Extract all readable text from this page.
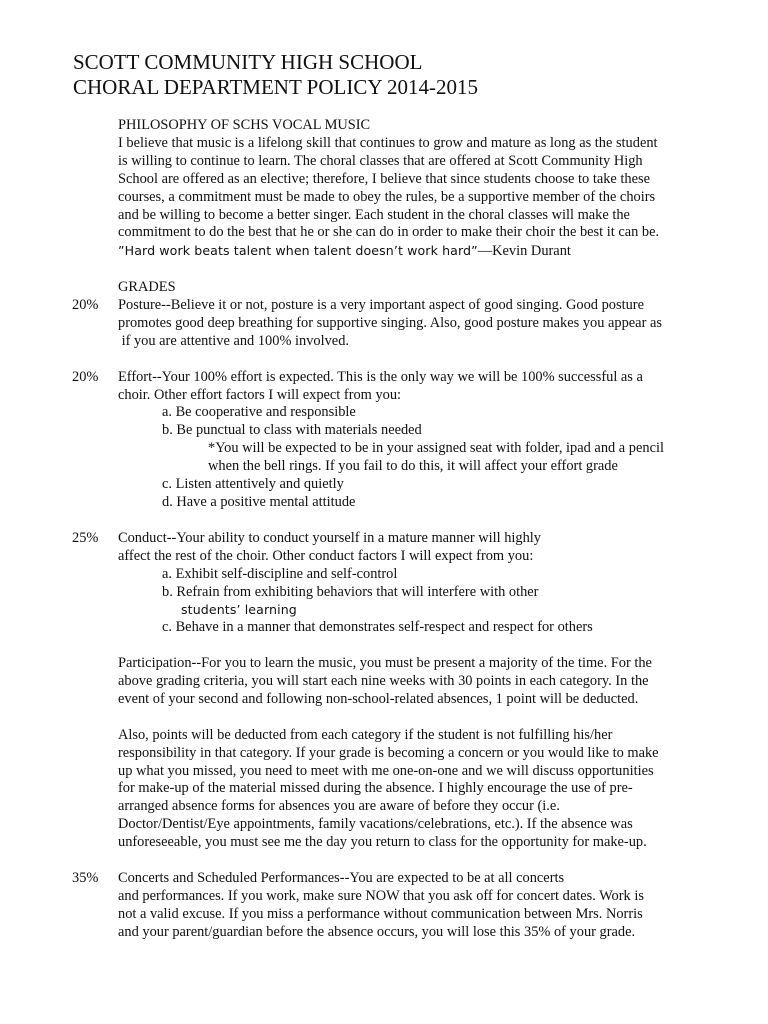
SCOTT COMMUNITY HIGH SCHOOL
CHORAL DEPARTMENT POLICY 2014-2015
PHILOSOPHY OF SCHS VOCAL MUSIC
I believe that music is a lifelong skill that continues to grow and mature as long as the student
is willing to continue to learn. The choral classes that are offered at Scott Community High
School are offered as an elective; therefore, I believe that since students choose to take these
courses, a commitment must be made to obey the rules, be a supportive member of the choirs
and be willing to become a better singer. Each student in the choral classes will make the
commitment to do the best that he or she can do in order to make their choir the best it can be.
”Hard work beats talent when talent doesn’t work hard”—Kevin Durant
GRADES
20% Posture--Believe it or not, posture is a very important aspect of good singing. Good posture
promotes good deep breathing for supportive singing. Also, good posture makes you appear as
if you are attentive and 100% involved.
20% Effort--Your 100% effort is expected. This is the only way we will be 100% successful as a
choir. Other effort factors I will expect from you:
a. Be cooperative and responsible
b. Be punctual to class with materials needed
*You will be expected to be in your assigned seat with folder, ipad and a pencil
when the bell rings. If you fail to do this, it will affect your effort grade
c. Listen attentively and quietly
d. Have a positive mental attitude
25% Conduct--Your ability to conduct yourself in a mature manner will highly
affect the rest of the choir. Other conduct factors I will expect from you:
a. Exhibit self-discipline and self-control
b. Refrain from exhibiting behaviors that will interfere with other
students’ learning
c. Behave in a manner that demonstrates self-respect and respect for others
Participation--For you to learn the music, you must be present a majority of the time. For the
above grading criteria, you will start each nine weeks with 30 points in each category. In the
event of your second and following non-school-related absences, 1 point will be deducted.
Also, points will be deducted from each category if the student is not fulfilling his/her
responsibility in that category. If your grade is becoming a concern or you would like to make
up what you missed, you need to meet with me one-on-one and we will discuss opportunities
for make-up of the material missed during the absence. I highly encourage the use of pre-
arranged absence forms for absences you are aware of before they occur (i.e.
Doctor/Dentist/Eye appointments, family vacations/celebrations, etc.). If the absence was
unforeseeable, you must see me the day you return to class for the opportunity for make-up.
35% Concerts and Scheduled Performances--You are expected to be at all concerts
and performances. If you work, make sure NOW that you ask off for concert dates. Work is
not a valid excuse. If you miss a performance without communication between Mrs. Norris
and your parent/guardian before the absence occurs, you will lose this 35% of your grade.
